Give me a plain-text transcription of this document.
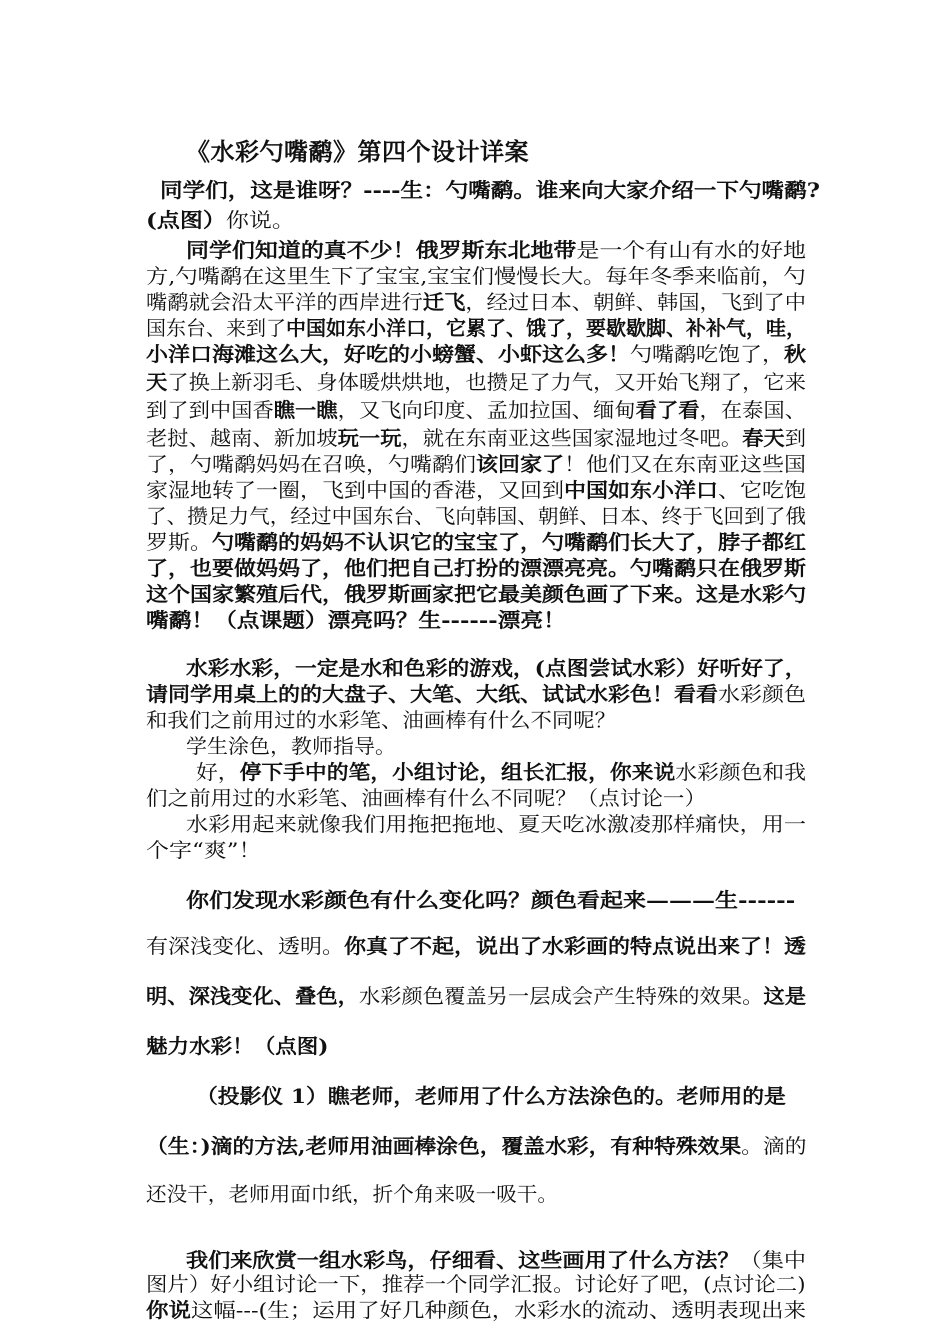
《水彩勺嘴鹬》第四个设计详案
同学们，这是谁呀？----生：勺嘴鹬。谁来向大家介绍一下勺嘴鹬?
(点图）你说。
同学们知道的真不少！俄罗斯东北地带是一个有山有水的好地
方,勺嘴鹬在这里生下了宝宝,宝宝们慢慢长大。每年冬季来临前，勺
嘴鹬就会沿太平洋的西岸进行迁飞，经过日本、朝鲜、韩国，飞到了中
国东台、来到了中国如东小洋口，它累了、饿了，要歇歇脚、补补气，哇，
小洋口海滩这么大，好吃的小螃蟹、小虾这么多！勺嘴鹬吃饱了，秋
天了换上新羽毛、身体暖烘烘地，也攒足了力气，又开始飞翔了，它来
到了到中国香瞧一瞧，又飞向印度、孟加拉国、缅甸看了看，在泰国、
老挝、越南、新加坡玩一玩，就在东南亚这些国家湿地过冬吧。春天到
了，勺嘴鹬妈妈在召唤，勺嘴鹬们该回家了！他们又在东南亚这些国
家湿地转了一圈，飞到中国的香港，又回到中国如东小洋口、它吃饱
了、攒足力气，经过中国东台、飞向韩国、朝鲜、日本、终于飞回到了俄
罗斯。勺嘴鹬的妈妈不认识它的宝宝了，勺嘴鹬们长大了，脖子都红
了，也要做妈妈了，他们把自己打扮的漂漂亮亮。勺嘴鹬只在俄罗斯
这个国家繁殖后代，俄罗斯画家把它最美颜色画了下来。这是水彩勺
嘴鹬！（点课题）漂亮吗？生------漂亮！
水彩水彩，一定是水和色彩的游戏，(点图尝试水彩）好听好了，
请同学用桌上的的大盘子、大笔、大纸、试试水彩色！看看水彩颜色
和我们之前用过的水彩笔、油画棒有什么不同呢？
学生涂色，教师指导。
好，停下手中的笔，小组讨论，组长汇报，你来说水彩颜色和我
们之前用过的水彩笔、油画棒有什么不同呢？（点讨论一）
水彩用起来就像我们用拖把拖地、夏天吃冰激凌那样痛快，用一
个字“爽”！
你们发现水彩颜色有什么变化吗？颜色看起来———生------
有深浅变化、透明。你真了不起，说出了水彩画的特点说出来了！透
明、深浅变化、叠色，水彩颜色覆盖另一层成会产生特殊的效果。这是
魅力水彩！（点图)
（投影仪 1）瞧老师，老师用了什么方法涂色的。老师用的是
（生：)滴的方法,老师用油画棒涂色，覆盖水彩，有种特殊效果。滴的
还没干，老师用面巾纸，折个角来吸一吸干。
我们来欣赏一组水彩鸟，仔细看、这些画用了什么方法？（集中
图片）好小组讨论一下，推荐一个同学汇报。讨论好了吧，(点讨论二)
你说这幅---(生；运用了好几种颜色，水彩水的流动、透明表现出来
